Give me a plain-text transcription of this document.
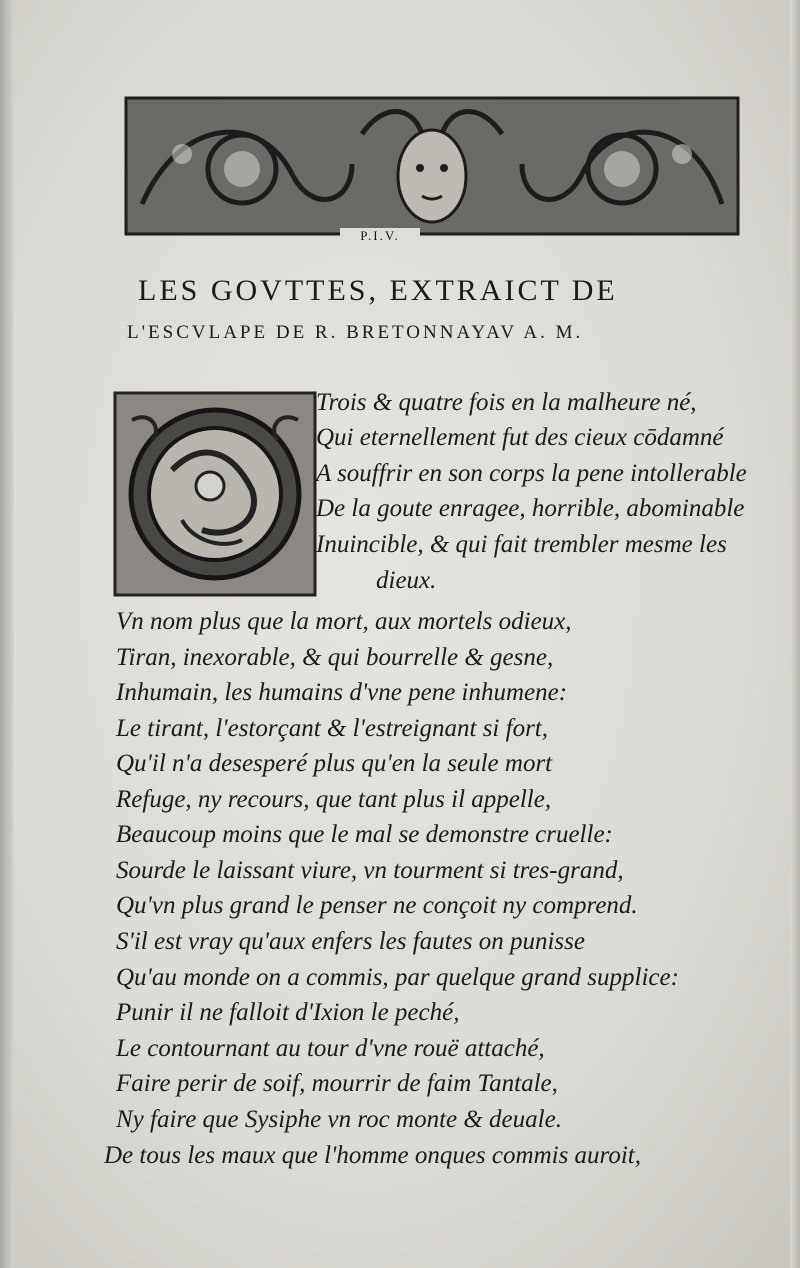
P.I.V.
LES GOVTTES, EXTRAICT DE
L'ESCVLAPE DE R. BRETONNAYAV A. M.
Trois & quatre fois en la malheure né,
Qui eternellement fut des cieux cōdamné
A souffrir en son corps la pene intollerable
De la goute enragee, horrible, abominable
Inuincible, & qui fait trembler mesme les
dieux.
Vn nom plus que la mort, aux mortels odieux,
Tiran, inexorable, & qui bourrelle & gesne,
Inhumain, les humains d'vne pene inhumene:
Le tirant, l'estorçant & l'estreignant si fort,
Qu'il n'a desesperé plus qu'en la seule mort
Refuge, ny recours, que tant plus il appelle,
Beaucoup moins que le mal se demonstre cruelle:
Sourde le laissant viure, vn tourment si tres-grand,
Qu'vn plus grand le penser ne conçoit ny comprend.
S'il est vray qu'aux enfers les fautes on punisse
Qu'au monde on a commis, par quelque grand supplice:
Punir il ne falloit d'Ixion le peché,
Le contournant au tour d'vne rouë attaché,
Faire perir de soif, mourrir de faim Tantale,
Ny faire que Sysiphe vn roc monte & deuale.
De tous les maux que l'homme onques commis auroit,
